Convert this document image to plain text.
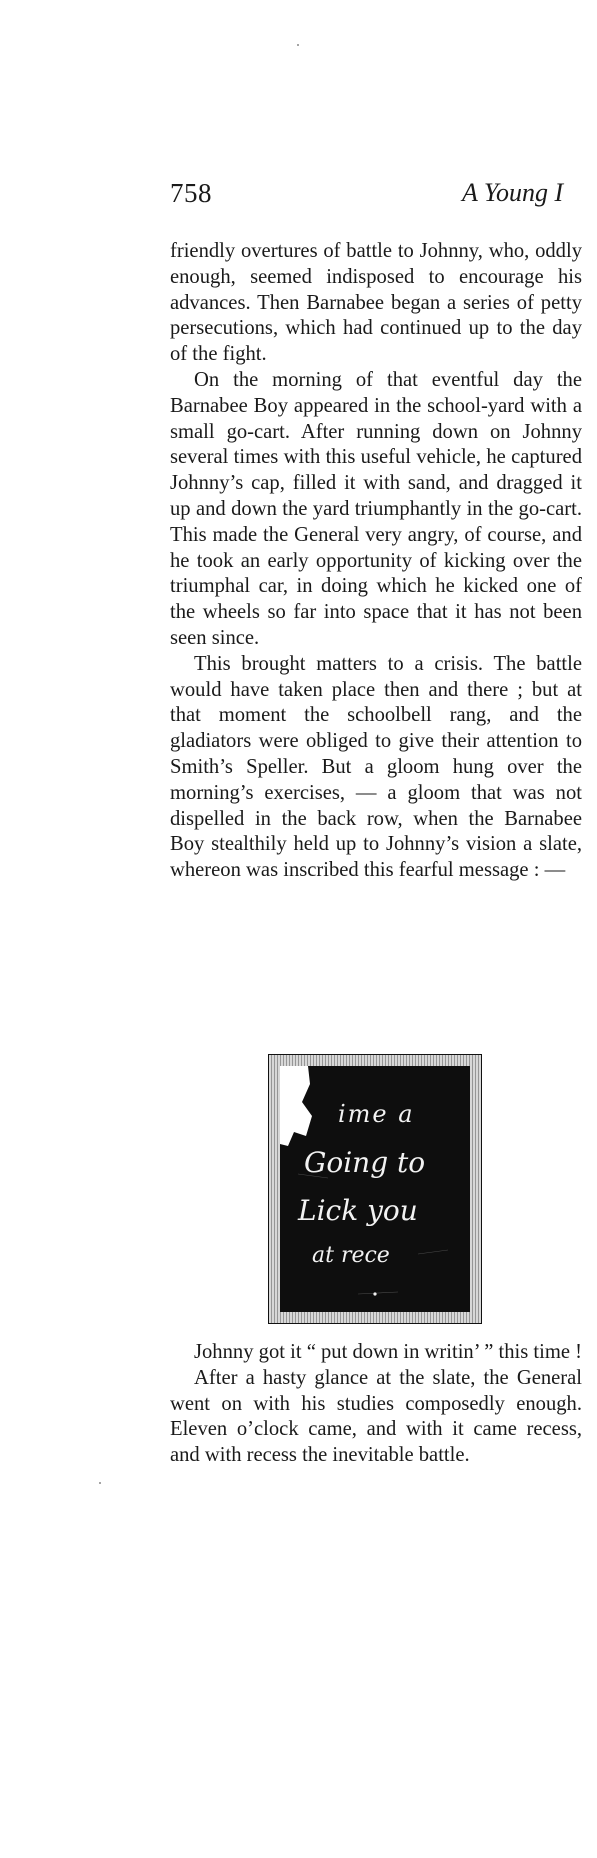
758	A Young I

friendly overtures of battle to Johnny, who, oddly enough, seemed indisposed to encourage his advances. Then Barnabee began a series of petty persecutions, which had continued up to the day of the fight.

On the morning of that eventful day the Barnabee Boy appeared in the school-yard with a small go-cart. After running down on Johnny several times with this useful vehicle, he captured Johnny’s cap, filled it with sand, and dragged it up and down the yard triumphantly in the go-cart. This made the General very angry, of course, and he took an early opportunity of kicking over the triumphal car, in doing which he kicked one of the wheels so far into space that it has not been seen since.

This brought matters to a crisis. The battle would have taken place then and there ; but at that moment the schoolbell rang, and the gladiators were obliged to give their attention to Smith’s Speller. But a gloom hung over the morning’s exercises, — a gloom that was not dispelled in the back row, when the Barnabee Boy stealthily held up to Johnny’s vision a slate, whereon was inscribed this fearful message : —

ime a
Going to
Lick you
at rece

Johnny got it “ put down in writin’ ” this time !

After a hasty glance at the slate, the General went on with his studies composedly enough. Eleven o’clock came, and with it came recess, and with recess the inevitable battle.
